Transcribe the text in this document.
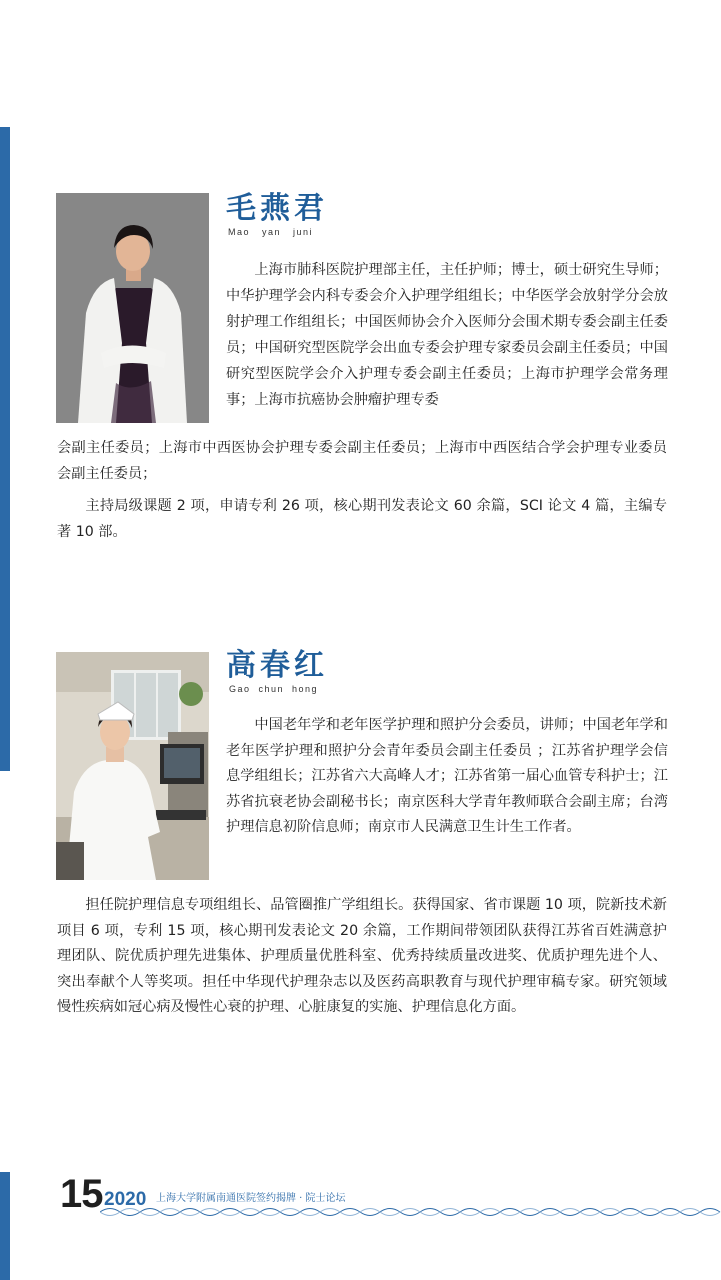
毛燕君
Mao   yan   juni

上海市肺科医院护理部主任，主任护师；博士，硕士研究生导师；中华护理学会内科专委会介入护理学组组长；中华医学会放射学分会放射护理工作组组长；中国医师协会介入医师分会围术期专委会副主任委员；中国研究型医院学会出血专委会护理专家委员会副主任委员；中国研究型医院学会介入护理专委会副主任委员；上海市护理学会常务理事；上海市抗癌协会肿瘤护理专委

会副主任委员；上海市中西医协会护理专委会副主任委员；上海市中西医结合学会护理专业委员会副主任委员；

主持局级课题 2 项，申请专利 26 项，核心期刊发表论文 60 余篇，SCI 论文 4 篇，主编专著 10 部。

高春红
Gao  chun  hong

中国老年学和老年医学护理和照护分会委员，讲师；中国老年学和老年医学护理和照护分会青年委员会副主任委员 ；江苏省护理学会信息学组组长；江苏省六大高峰人才；江苏省第一届心血管专科护士；江苏省抗衰老协会副秘书长；南京医科大学青年教师联合会副主席；台湾护理信息初阶信息师；南京市人民满意卫生计生工作者。

担任院护理信息专项组组长、品管圈推广学组组长。获得国家、省市课题 10 项，院新技术新项目 6 项，专利 15 项，核心期刊发表论文 20 余篇，工作期间带领团队获得江苏省百姓满意护理团队、院优质护理先进集体、护理质量优胜科室、优秀持续质量改进奖、优质护理先进个人、突出奉献个人等奖项。担任中华现代护理杂志以及医药高职教育与现代护理审稿专家。研究领域慢性疾病如冠心病及慢性心衰的护理、心脏康复的实施、护理信息化方面。

15 2020 上海大学附属南通医院签约揭牌 · 院士论坛
